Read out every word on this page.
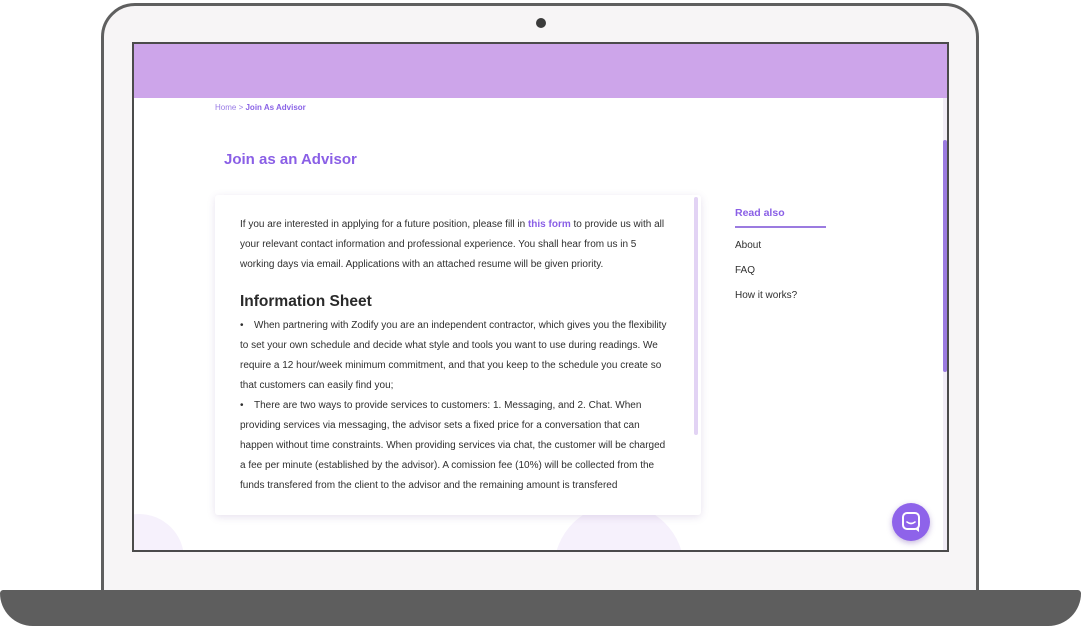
Home > Join As Advisor
Join as an Advisor

If you are interested in applying for a future position, please fill in this form to provide us with all your relevant contact information and professional experience. You shall hear from us in 5 working days via email. Applications with an attached resume will be given priority.

Information Sheet

• When partnering with Zodify you are an independent contractor, which gives you the flexibility to set your own schedule and decide what style and tools you want to use during readings. We require a 12 hour/week minimum commitment, and that you keep to the schedule you create so that customers can easily find you;

• There are two ways to provide services to customers: 1. Messaging, and 2. Chat. When providing services via messaging, the advisor sets a fixed price for a conversation that can happen without time constraints. When providing services via chat, the customer will be charged a fee per minute (established by the advisor). A comission fee (10%) will be collected from the funds transfered from the client to the advisor and the remaining amount is transfered

Read also
About
FAQ
How it works?
